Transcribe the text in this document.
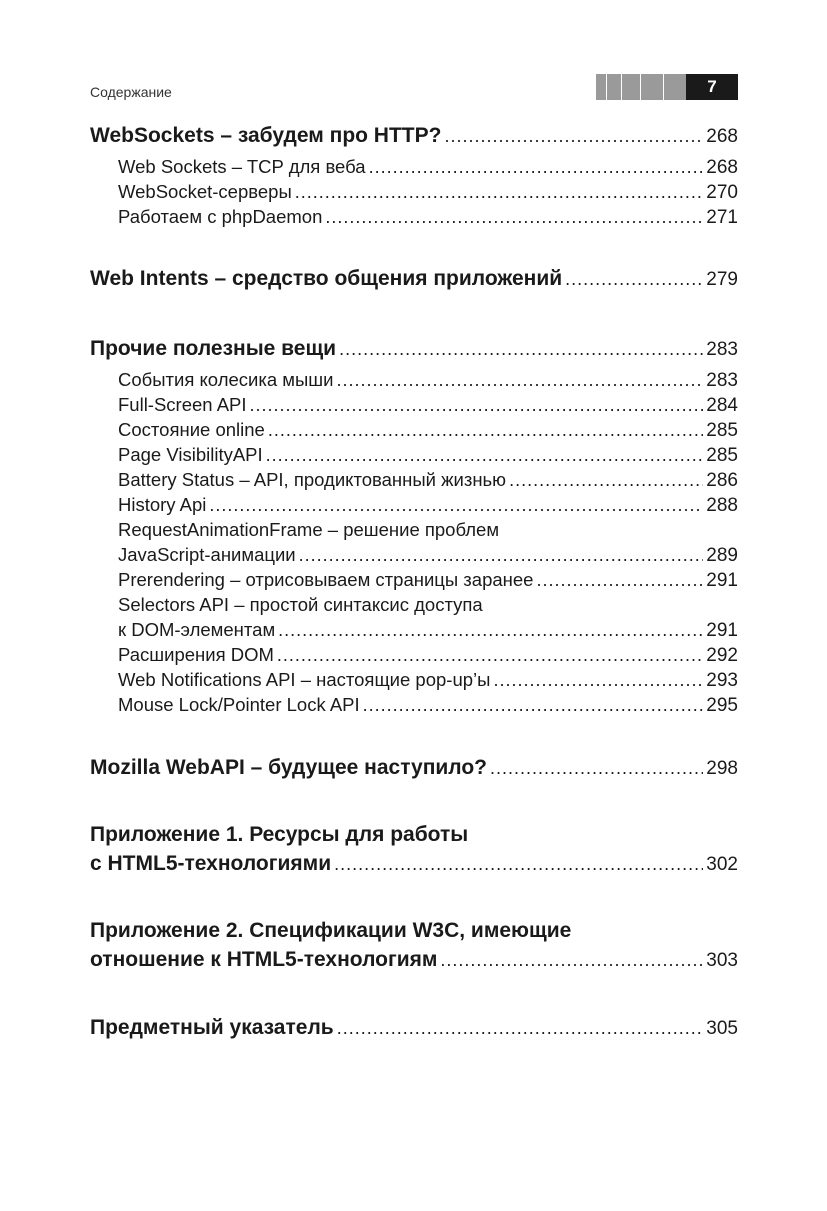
Содержание	7
WebSockets – забудем про HTTP? .....	268
Web Sockets – TCP для веба .....	268
WebSocket-серверы .....	270
Работаем с phpDaemon .....	271
Web Intents – средство общения приложений .....	279
Прочие полезные вещи .....	283
События колесика мыши .....	283
Full-Screen API .....	284
Состояние online .....	285
Page VisibilityAPI .....	285
Battery Status – API, продиктованный жизнью .....	286
History Api .....	288
RequestAnimationFrame – решение проблем
JavaScript-анимации .....	289
Prerendering – отрисовываем страницы заранее .....	291
Selectors API – простой синтаксис доступа
к DOM-элементам .....	291
Расширения DOM .....	292
Web Notifications API – настоящие pop-up’ы .....	293
Mouse Lock/Pointer Lock API .....	295
Mozilla WebAPI – будущее наступило? .....	298
Приложение 1. Ресурсы для работы
с HTML5-технологиями .....	302
Приложение 2. Спецификации W3C, имеющие
отношение к HTML5-технологиям .....	303
Предметный указатель .....	305
